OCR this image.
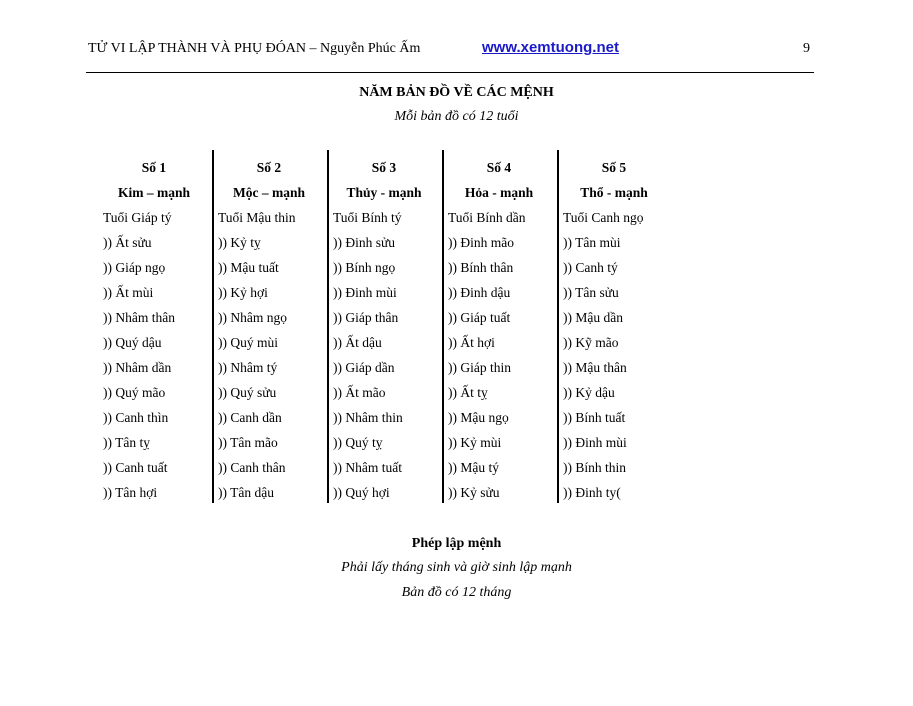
TỬ VI LẬP THÀNH VÀ PHỤ ĐÓAN – Nguyễn Phúc Ấm	www.xemtuong.net	9
NĂM BẢN ĐỒ VỀ CÁC MỆNH
Mỗi bản đồ có 12 tuổi
Số 1
Kim – mạnh
Tuổi Giáp tý
)) Ất sửu
)) Giáp ngọ
)) Ất mùi
)) Nhâm thân
)) Quý dậu
)) Nhâm dần
)) Quý mão
)) Canh thìn
)) Tân tỵ
)) Canh tuất
)) Tân hợi
Số 2
Mộc – mạnh
Tuổi Mậu thin
)) Kỷ tỵ
)) Mậu tuất
)) Kỷ hợi
)) Nhâm ngọ
)) Quý mùi
)) Nhâm tý
)) Quý sửu
)) Canh dần
)) Tân mão
)) Canh thân
)) Tân dậu
Số 3
Thủy - mạnh
Tuổi Bính tý
)) Đinh sửu
)) Bính ngọ
)) Đinh mùi
)) Giáp thân
)) Ất dậu
)) Giáp dần
)) Ất mão
)) Nhâm thin
)) Quý tỵ
)) Nhâm tuất
)) Quý hợi
Số 4
Hỏa - mạnh
Tuổi Bính dần
)) Đinh mão
)) Bính thân
)) Đinh dậu
)) Giáp tuất
)) Ất hợi
)) Giáp thin
)) Ất tỵ
)) Mậu ngọ
)) Kỷ mùi
)) Mậu tý
)) Kỷ sửu
Số 5
Thổ - mạnh
Tuổi Canh ngọ
)) Tân mùi
)) Canh tý
)) Tân sửu
)) Mậu dần
)) Kỹ mão
)) Mậu thân
)) Kỷ dậu
)) Bính tuất
)) Đinh mùi
)) Bính thin
)) Đinh ty(
Phép lập mệnh
Phải lấy tháng sinh và giờ sinh lập mạnh
Bản đồ có 12 tháng
